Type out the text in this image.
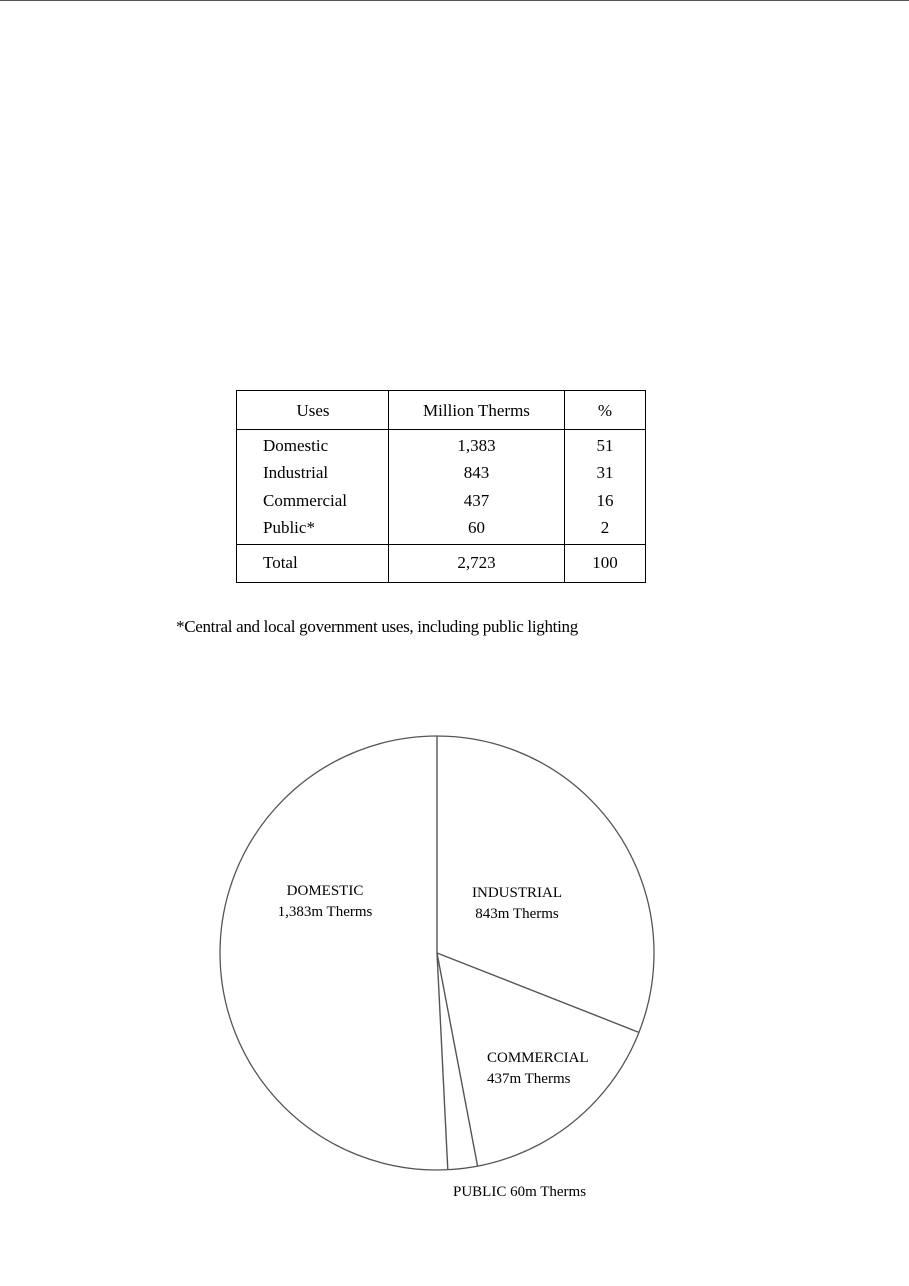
Uses	Million Therms	%
Domestic	1,383	51
Industrial	843	31
Commercial	437	16
Public*	60	2
Total	2,723	100
*Central and local government uses, including public lighting
DOMESTIC
1,383m Therms
INDUSTRIAL
843m Therms
COMMERCIAL
437m Therms
PUBLIC 60m Therms
